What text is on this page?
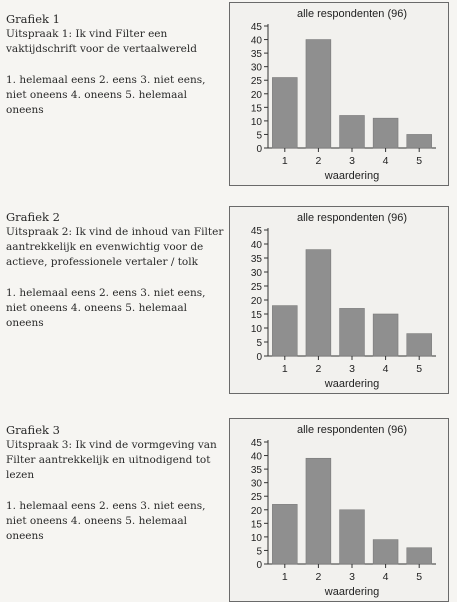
Grafiek 1

Uitspraak 1: Ik vind Filter een vaktijdschrift voor de vertaalwereld

1. helemaal eens 2. eens 3. niet eens, niet oneens 4. oneens 5. helemaal oneens

alle respondenten (96)
0
5
10
15
20
25
30
35
40
45
1	2	3	4	5
waardering

Grafiek 2

Uitspraak 2: Ik vind de inhoud van Filter aantrekkelijk en evenwichtig voor de actieve, professionele vertaler / tolk

1. helemaal eens 2. eens 3. niet eens, niet oneens 4. oneens 5. helemaal oneens

alle respondenten (96)
0
5
10
15
20
25
30
35
40
45
1	2	3	4	5
waardering

Grafiek 3

Uitspraak 3: Ik vind de vormgeving van Filter aantrekkelijk en uitnodigend tot lezen

1. helemaal eens 2. eens 3. niet eens, niet oneens 4. oneens 5. helemaal oneens

alle respondenten (96)
0
5
10
15
20
25
30
35
40
45
1	2	3	4	5
waardering
